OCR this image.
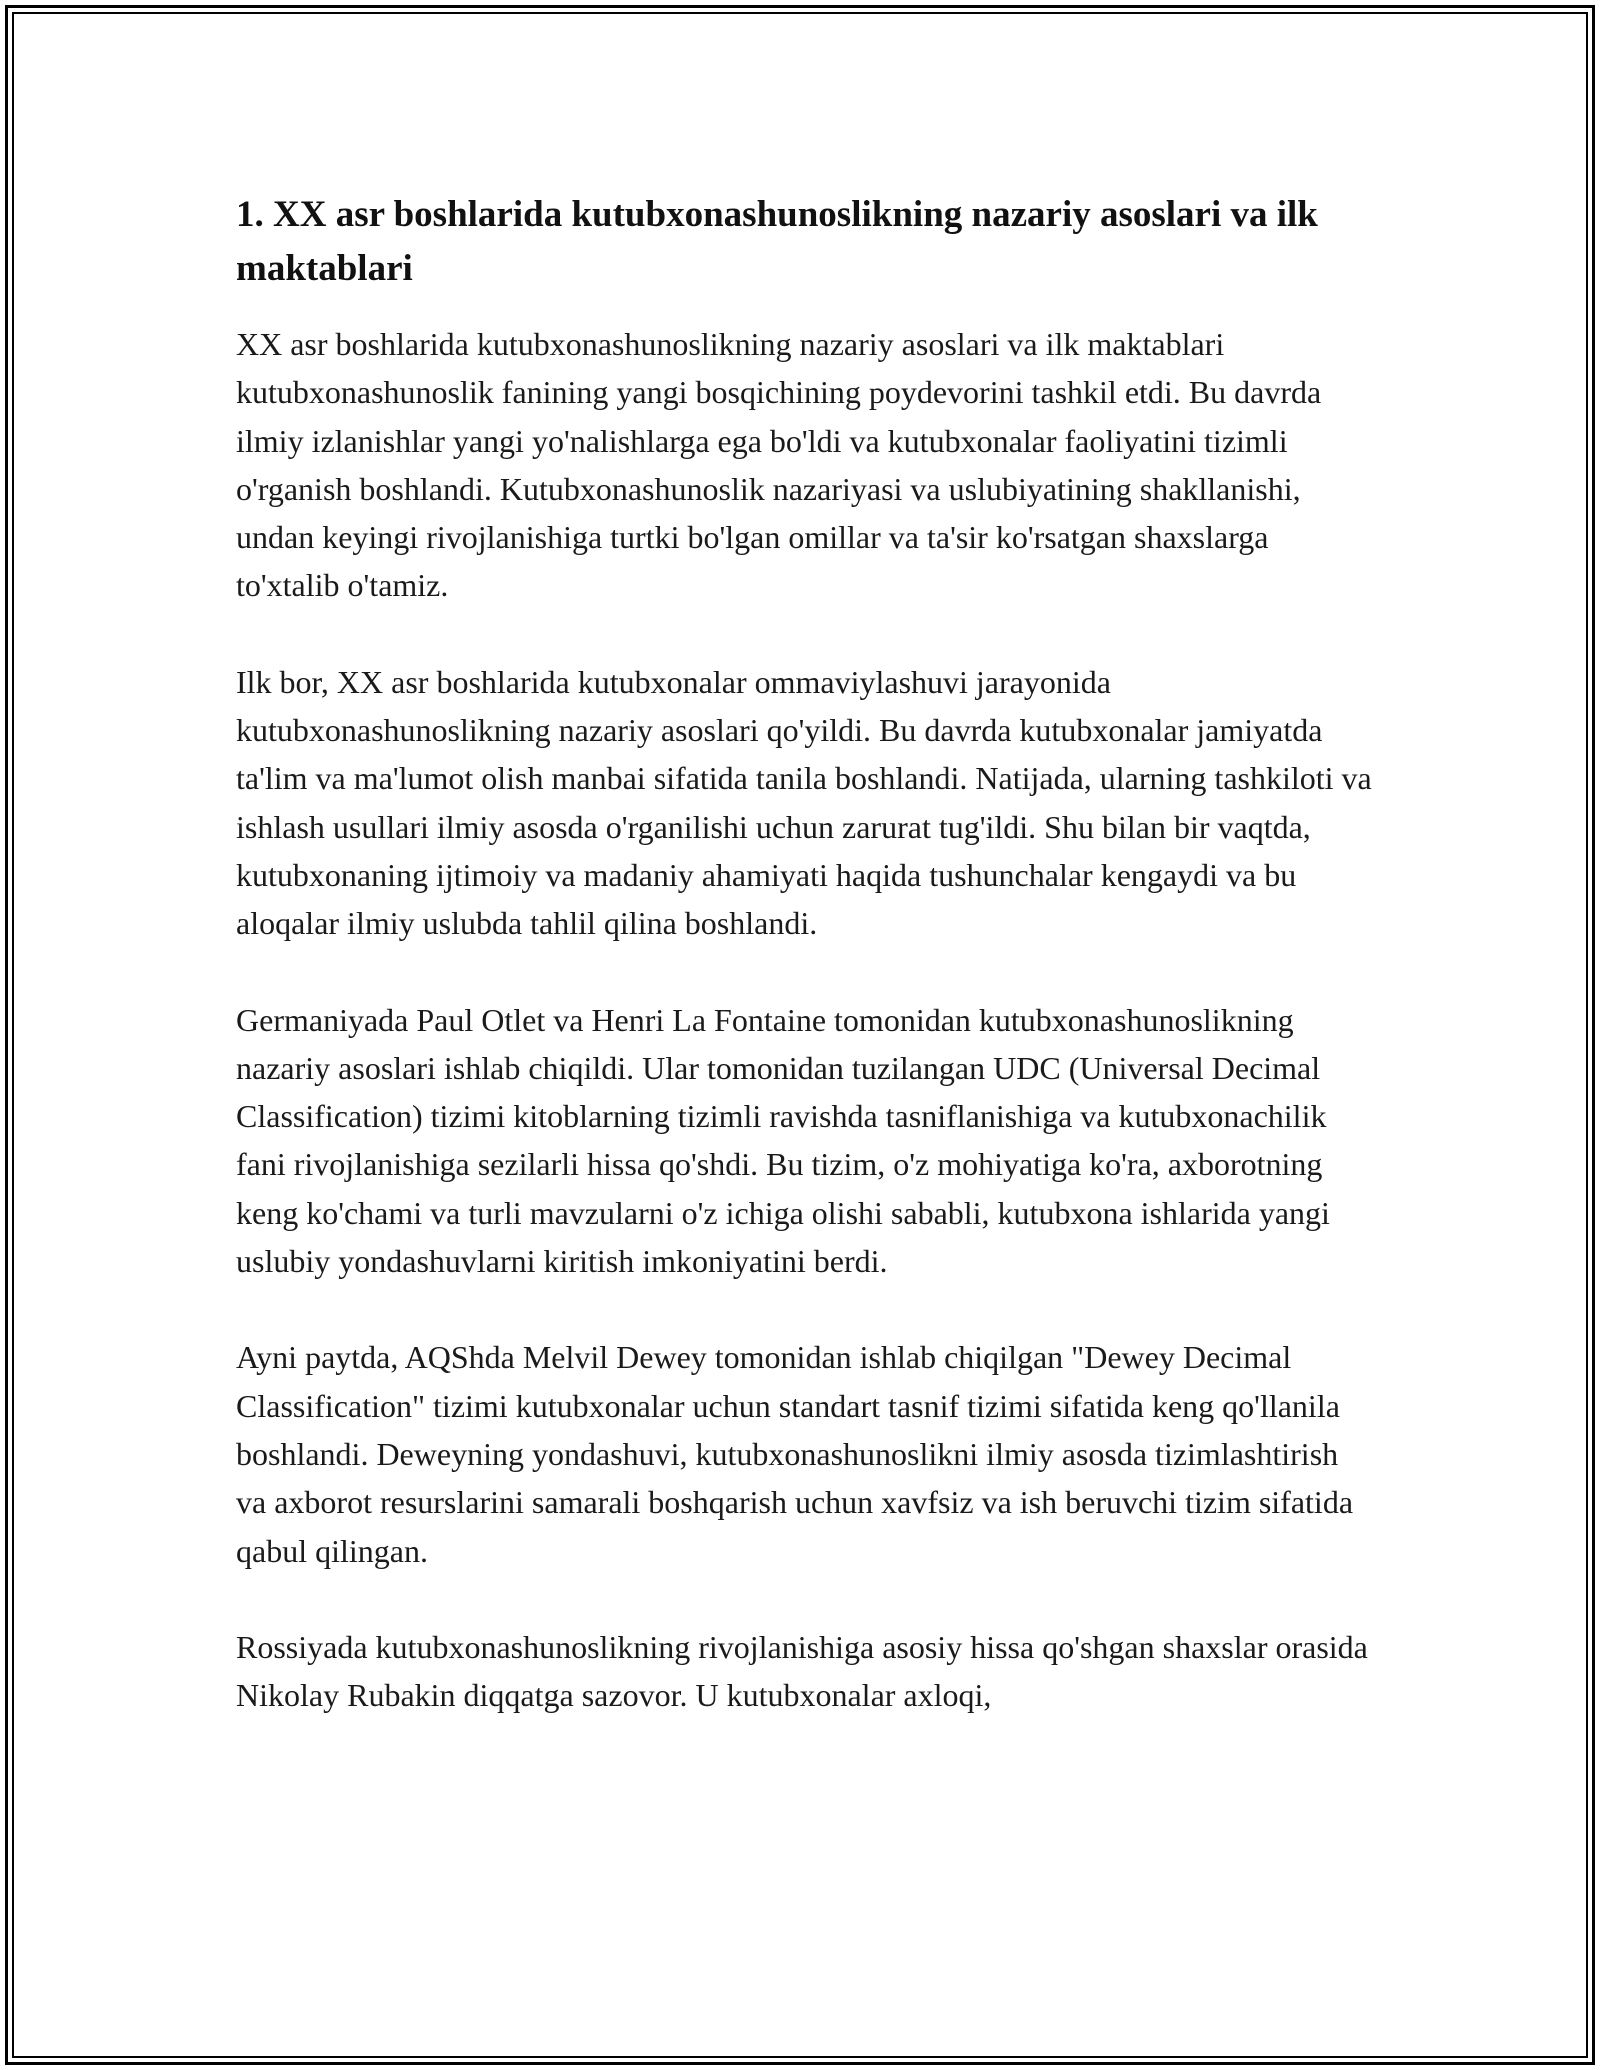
1. XX asr boshlarida kutubxonashunoslikning nazariy asoslari va ilk maktablari

XX asr boshlarida kutubxonashunoslikning nazariy asoslari va ilk maktablari kutubxonashunoslik fanining yangi bosqichining poydevorini tashkil etdi. Bu davrda ilmiy izlanishlar yangi yo'nalishlarga ega bo'ldi va kutubxonalar faoliyatini tizimli o'rganish boshlandi. Kutubxonashunoslik nazariyasi va uslubiyatining shakllanishi, undan keyingi rivojlanishiga turtki bo'lgan omillar va ta'sir ko'rsatgan shaxslarga to'xtalib o'tamiz.

Ilk bor, XX asr boshlarida kutubxonalar ommaviylashuvi jarayonida kutubxonashunoslikning nazariy asoslari qo'yildi. Bu davrda kutubxonalar jamiyatda ta'lim va ma'lumot olish manbai sifatida tanila boshlandi. Natijada, ularning tashkiloti va ishlash usullari ilmiy asosda o'rganilishi uchun zarurat tug'ildi. Shu bilan bir vaqtda, kutubxonaning ijtimoiy va madaniy ahamiyati haqida tushunchalar kengaydi va bu aloqalar ilmiy uslubda tahlil qilina boshlandi.

Germaniyada Paul Otlet va Henri La Fontaine tomonidan kutubxonashunoslikning nazariy asoslari ishlab chiqildi. Ular tomonidan tuzilangan UDC (Universal Decimal Classification) tizimi kitoblarning tizimli ravishda tasniflanishiga va kutubxonachilik fani rivojlanishiga sezilarli hissa qo'shdi. Bu tizim, o'z mohiyatiga ko'ra, axborotning keng ko'chami va turli mavzularni o'z ichiga olishi sababli, kutubxona ishlarida yangi uslubiy yondashuvlarni kiritish imkoniyatini berdi.

Ayni paytda, AQShda Melvil Dewey tomonidan ishlab chiqilgan "Dewey Decimal Classification" tizimi kutubxonalar uchun standart tasnif tizimi sifatida keng qo'llanila boshlandi. Deweyning yondashuvi, kutubxonashunoslikni ilmiy asosda tizimlashtirish va axborot resurslarini samarali boshqarish uchun xavfsiz va ish beruvchi tizim sifatida qabul qilingan.

Rossiyada kutubxonashunoslikning rivojlanishiga asosiy hissa qo'shgan shaxslar orasida Nikolay Rubakin diqqatga sazovor. U kutubxonalar axloqi,
